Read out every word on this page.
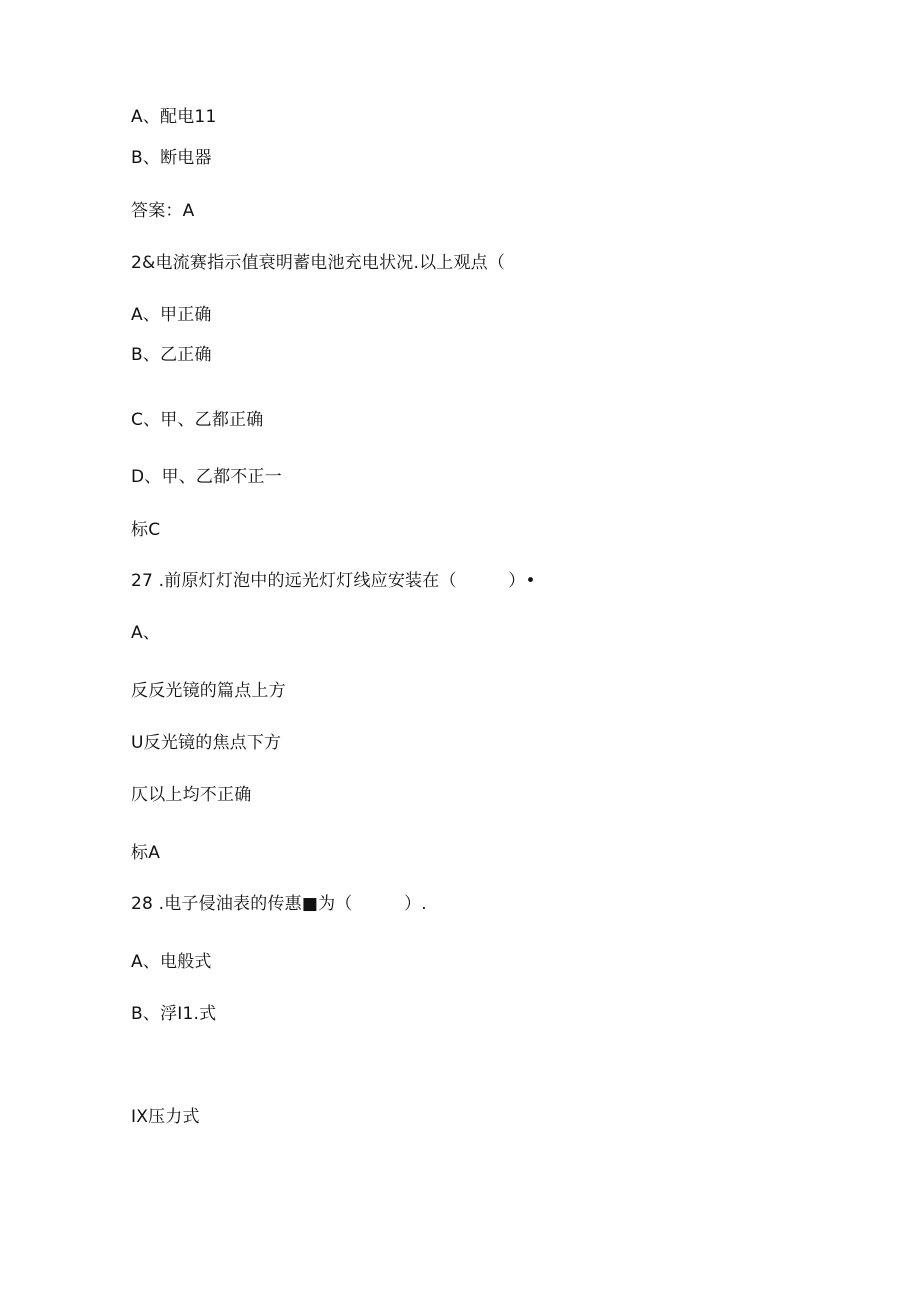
A、配电11
B、断电器
答案：A
2&电流赛指示值衰明蓄电池充电状况.以上观点（
A、甲正确
B、乙正确
C、甲、乙都正确
D、甲、乙都不正一
标C
27 .前原灯灯泡中的远光灯灯线应安装在（　　　）•
A、
反反光镜的篇点上方
U反光镜的焦点下方
仄以上均不正确
标A
28 .电子侵油表的传惠■为（　　　）.
A、电般式
B、浮I1.式
IX压力式
